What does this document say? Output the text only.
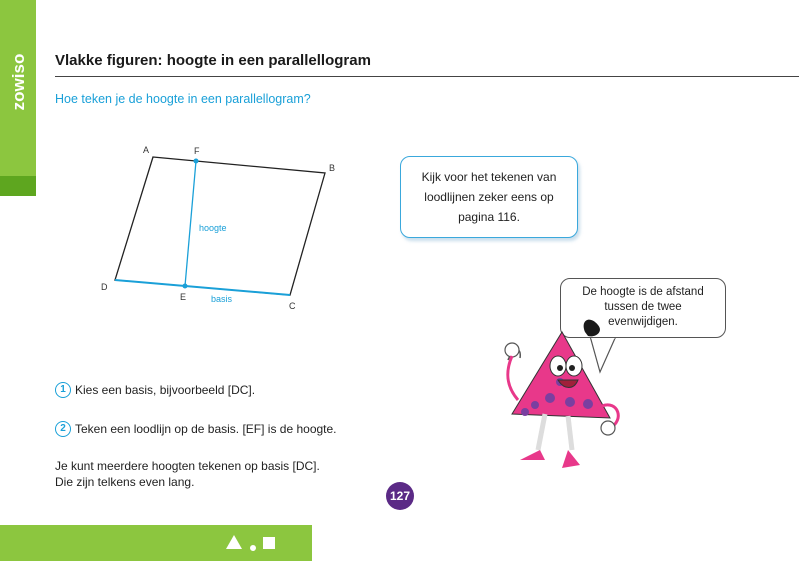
zowiso Vlakke figuren: hoogte in een parallellogram
Hoe teken je de hoogte in een parallellogram?
A
B
C
D
E
F
hoogte
basis
Kijk voor het tekenen van loodlijnen zeker eens op pagina 116.
De hoogte is de afstand tussen de twee evenwijdigen.
1 Kies een basis, bijvoorbeeld [DC].
2 Teken een loodlijn op de basis. [EF] is de hoogte.
Je kunt meerdere hoogten tekenen op basis [DC].
Die zijn telkens even lang.
127
